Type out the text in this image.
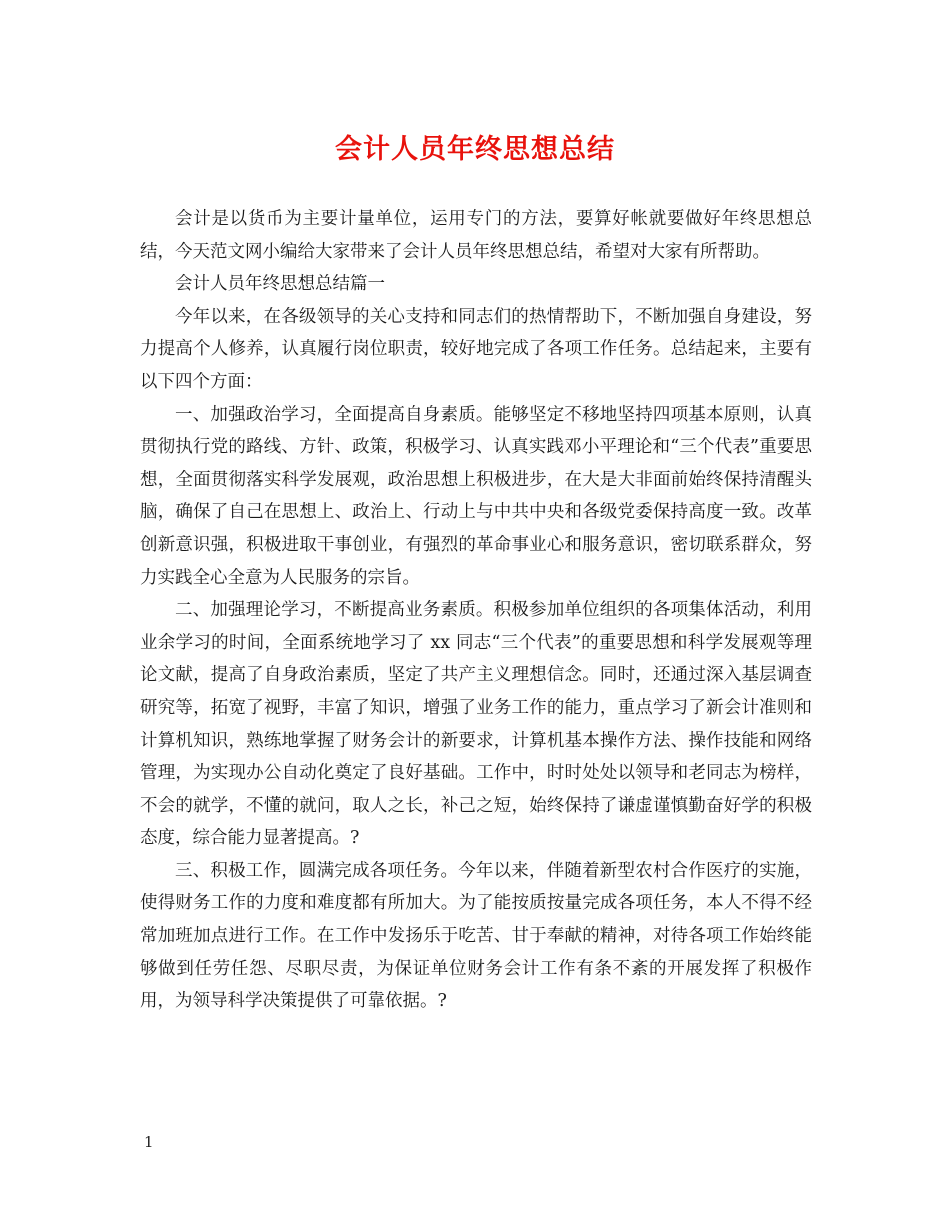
会计人员年终思想总结

会计是以货币为主要计量单位，运用专门的方法，要算好帐就要做好年终思想总结，今天范文网小编给大家带来了会计人员年终思想总结，希望对大家有所帮助。

会计人员年终思想总结篇一

今年以来，在各级领导的关心支持和同志们的热情帮助下，不断加强自身建设，努力提高个人修养，认真履行岗位职责，较好地完成了各项工作任务。总结起来，主要有以下四个方面：

一、加强政治学习，全面提高自身素质。能够坚定不移地坚持四项基本原则，认真贯彻执行党的路线、方针、政策，积极学习、认真实践邓小平理论和“三个代表”重要思想，全面贯彻落实科学发展观，政治思想上积极进步，在大是大非面前始终保持清醒头脑，确保了自己在思想上、政治上、行动上与中共中央和各级党委保持高度一致。改革创新意识强，积极进取干事创业，有强烈的革命事业心和服务意识，密切联系群众，努力实践全心全意为人民服务的宗旨。

二、加强理论学习，不断提高业务素质。积极参加单位组织的各项集体活动，利用业余学习的时间，全面系统地学习了 xx 同志“三个代表”的重要思想和科学发展观等理论文献，提高了自身政治素质，坚定了共产主义理想信念。同时，还通过深入基层调查研究等，拓宽了视野，丰富了知识，增强了业务工作的能力，重点学习了新会计准则和计算机知识，熟练地掌握了财务会计的新要求，计算机基本操作方法、操作技能和网络管理，为实现办公自动化奠定了良好基础。工作中，时时处处以领导和老同志为榜样，不会的就学，不懂的就问，取人之长，补己之短，始终保持了谦虚谨慎勤奋好学的积极态度，综合能力显著提高。?

三、积极工作，圆满完成各项任务。今年以来，伴随着新型农村合作医疗的实施，使得财务工作的力度和难度都有所加大。为了能按质按量完成各项任务，本人不得不经常加班加点进行工作。在工作中发扬乐于吃苦、甘于奉献的精神，对待各项工作始终能够做到任劳任怨、尽职尽责，为保证单位财务会计工作有条不紊的开展发挥了积极作用，为领导科学决策提供了可靠依据。?

1
